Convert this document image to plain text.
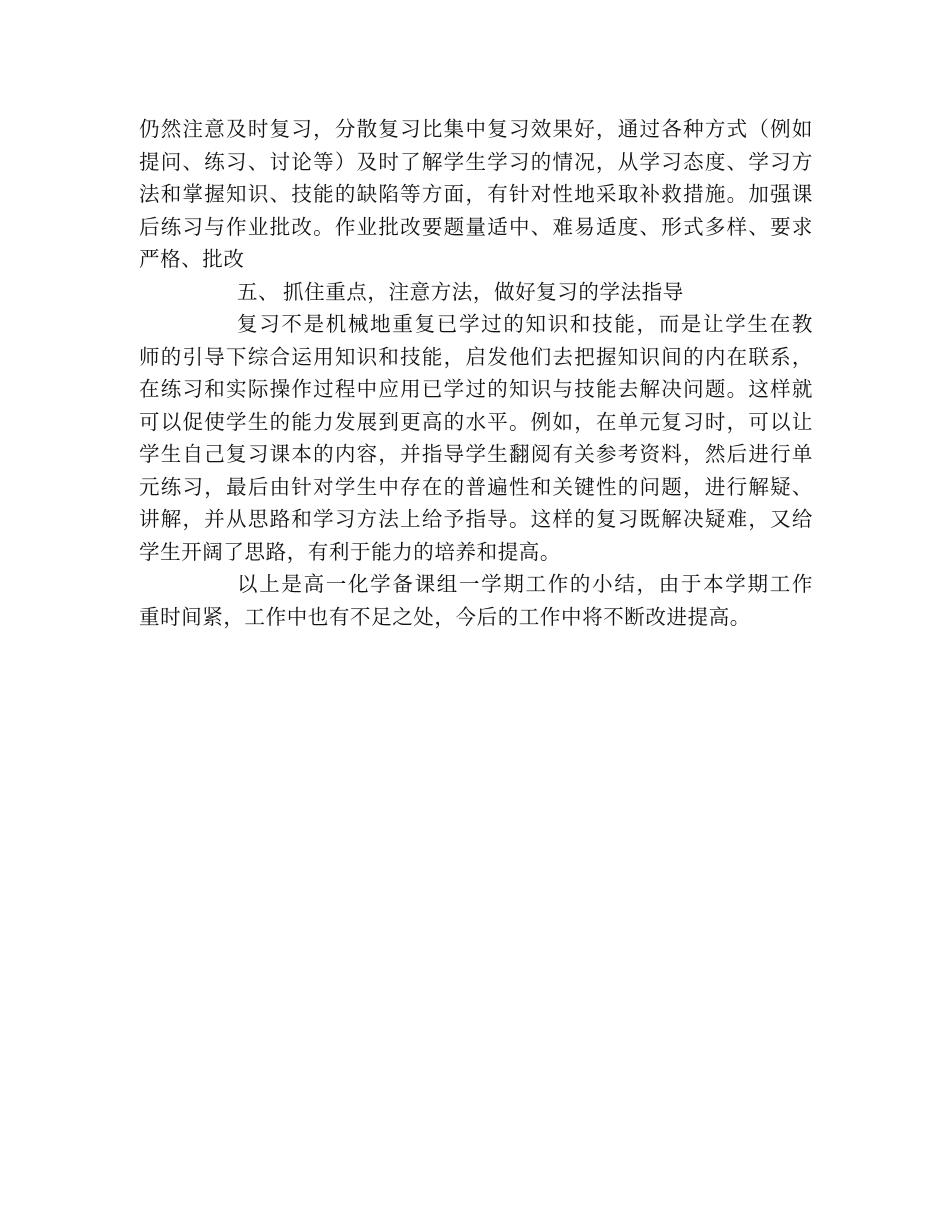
仍然注意及时复习，分散复习比集中复习效果好，通过各种方式（例如
提问、练习、讨论等）及时了解学生学习的情况，从学习态度、学习方
法和掌握知识、技能的缺陷等方面，有针对性地采取补救措施。加强课
后练习与作业批改。作业批改要题量适中、难易适度、形式多样、要求
严格、批改
五、 抓住重点，注意方法，做好复习的学法指导
复习不是机械地重复已学过的知识和技能，而是让学生在教
师的引导下综合运用知识和技能，启发他们去把握知识间的内在联系，
在练习和实际操作过程中应用已学过的知识与技能去解决问题。这样就
可以促使学生的能力发展到更高的水平。例如，在单元复习时，可以让
学生自己复习课本的内容，并指导学生翻阅有关参考资料，然后进行单
元练习，最后由针对学生中存在的普遍性和关键性的问题，进行解疑、
讲解，并从思路和学习方法上给予指导。这样的复习既解决疑难，又给
学生开阔了思路，有利于能力的培养和提高。
以上是高一化学备课组一学期工作的小结，由于本学期工作
重时间紧，工作中也有不足之处，今后的工作中将不断改进提高。
